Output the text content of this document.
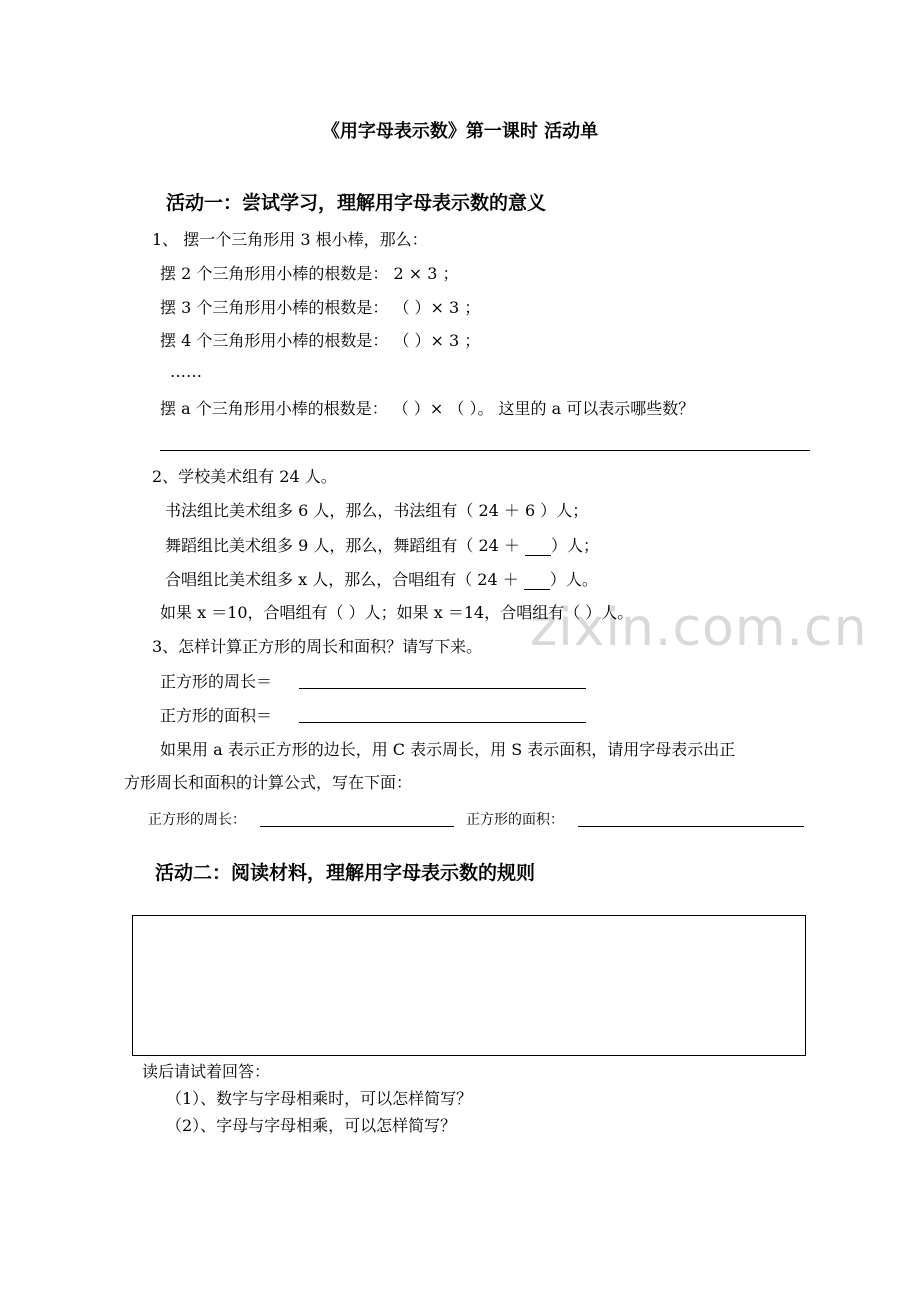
zixin.com.cn
《用字母表示数》第一课时 活动单
活动一：尝试学习，理解用字母表示数的意义
1、 摆一个三角形用 3 根小棒，那么：
摆 2 个三角形用小棒的根数是： 2 × 3 ；
摆 3 个三角形用小棒的根数是： （ ）× 3 ；
摆 4 个三角形用小棒的根数是： （ ）× 3 ；
……
摆 a 个三角形用小棒的根数是： （ ）× （ ）。 这里的 a 可以表示哪些数？
2、学校美术组有 24 人。
书法组比美术组多 6 人，那么，书法组有（ 24 ＋ 6 ）人；
舞蹈组比美术组多 9 人，那么，舞蹈组有（ 24 ＋ ）人；
合唱组比美术组多 x 人，那么，合唱组有（ 24 ＋ ）人。
如果 x ＝10，合唱组有（ ）人；如果 x ＝14，合唱组有（ ）人。
3、怎样计算正方形的周长和面积？请写下来。
正方形的周长＝
正方形的面积＝
如果用 a 表示正方形的边长，用 C 表示周长，用 S 表示面积，请用字母表示出正
方形周长和面积的计算公式，写在下面：
正方形的周长：	正方形的面积：
活动二：阅读材料，理解用字母表示数的规则
读后请试着回答：
（1）、数字与字母相乘时，可以怎样简写？
（2）、字母与字母相乘，可以怎样简写？
